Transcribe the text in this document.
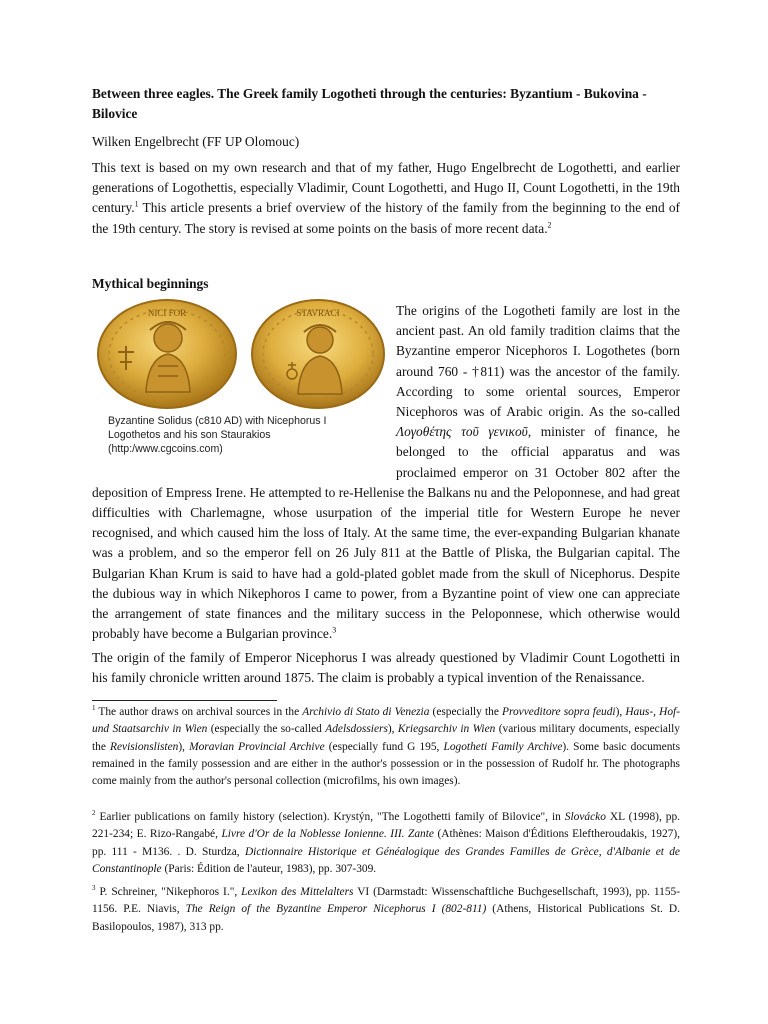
Between three eagles. The Greek family Logotheti through the centuries: Byzantium - Bukovina - Bilovice

Wilken Engelbrecht (FF UP Olomouc)

This text is based on my own research and that of my father, Hugo Engelbrecht de Logothetti, and earlier generations of Logothettis, especially Vladimir, Count Logothetti, and Hugo II, Count Logothetti, in the 19th century.$^1$ This article presents a brief overview of the history of the family from the beginning to the end of the 19th century. The story is revised at some points on the basis of more recent data.$^2$

Mythical beginnings

The origins of the Logotheti family are lost in the ancient past. An old family tradition claims that the Byzantine emperor Nicephoros I. Logothetes (born around 760 - †811) was the ancestor of the family. According to some oriental sources, Emperor Nicephoros was of Arabic origin. As the so-called Λογοθέτης τοῦ γενικοῦ, minister of finance, he belonged to the official apparatus and was proclaimed emperor on 31 October 802 after the deposition of Empress Irene. He attempted to re-Hellenise the Balkans nu and the Peloponnese, and had great difficulties with Charlemagne, whose usurpation of the imperial title for Western Europe he never recognised, and which caused him the loss of Italy. At the same time, the ever-expanding Bulgarian khanate was a problem, and so the emperor fell on 26 July 811 at the Battle of Pliska, the Bulgarian capital. The Bulgarian Khan Krum is said to have had a gold-plated goblet made from the skull of Nicephorus. Despite the dubious way in which Nikephoros I came to power, from a Byzantine point of view one can appreciate the arrangement of state finances and the military success in the Peloponnese, which otherwise would probably have become a Bulgarian province.$^3$

NICI FOR	STAVRACI

Byzantine Solidus (c810 AD) with Nicephorus I
Logothetos and his son Staurakios
(http:/www.cgcoins.com)

The origin of the family of Emperor Nicephorus I was already questioned by Vladimir Count Logothetti in his family chronicle written around 1875. The claim is probably a typical invention of the Renaissance.

$^1$ The author draws on archival sources in the Archivio di Stato di Venezia (especially the Provveditore sopra feudi), Haus-, Hof- und Staatsarchiv in Wien (especially the so-called Adelsdossiers), Kriegsarchiv in Wien (various military documents, especially the Revisionslisten), Moravian Provincial Archive (especially fund G 195, Logotheti Family Archive). Some basic documents remained in the family possession and are either in the author's possession or in the possession of Rudolf hr. The photographs come mainly from the author's personal collection (microfilms, his own images).

$^2$ Earlier publications on family history (selection). Krystýn, "The Logothetti family of Bilovice", in Slovácko XL (1998), pp. 221-234; E. Rizo-Rangabé, Livre d'Or de la Noblesse Ionienne. III. Zante (Athènes: Maison d'Éditions Eleftheroudakis, 1927), pp. 111 - M136. . D. Sturdza, Dictionnaire Historique et Généalogique des Grandes Familles de Grèce, d'Albanie et de Constantinople (Paris: Édition de l'auteur, 1983), pp. 307-309.

$^3$ P. Schreiner, "Nikephoros I.", Lexikon des Mittelalters VI (Darmstadt: Wissenschaftliche Buchgesellschaft, 1993), pp. 1155-1156. P.E. Niavis, The Reign of the Byzantine Emperor Nicephorus I (802-811) (Athens, Historical Publications St. D. Basilopoulos, 1987), 313 pp.
